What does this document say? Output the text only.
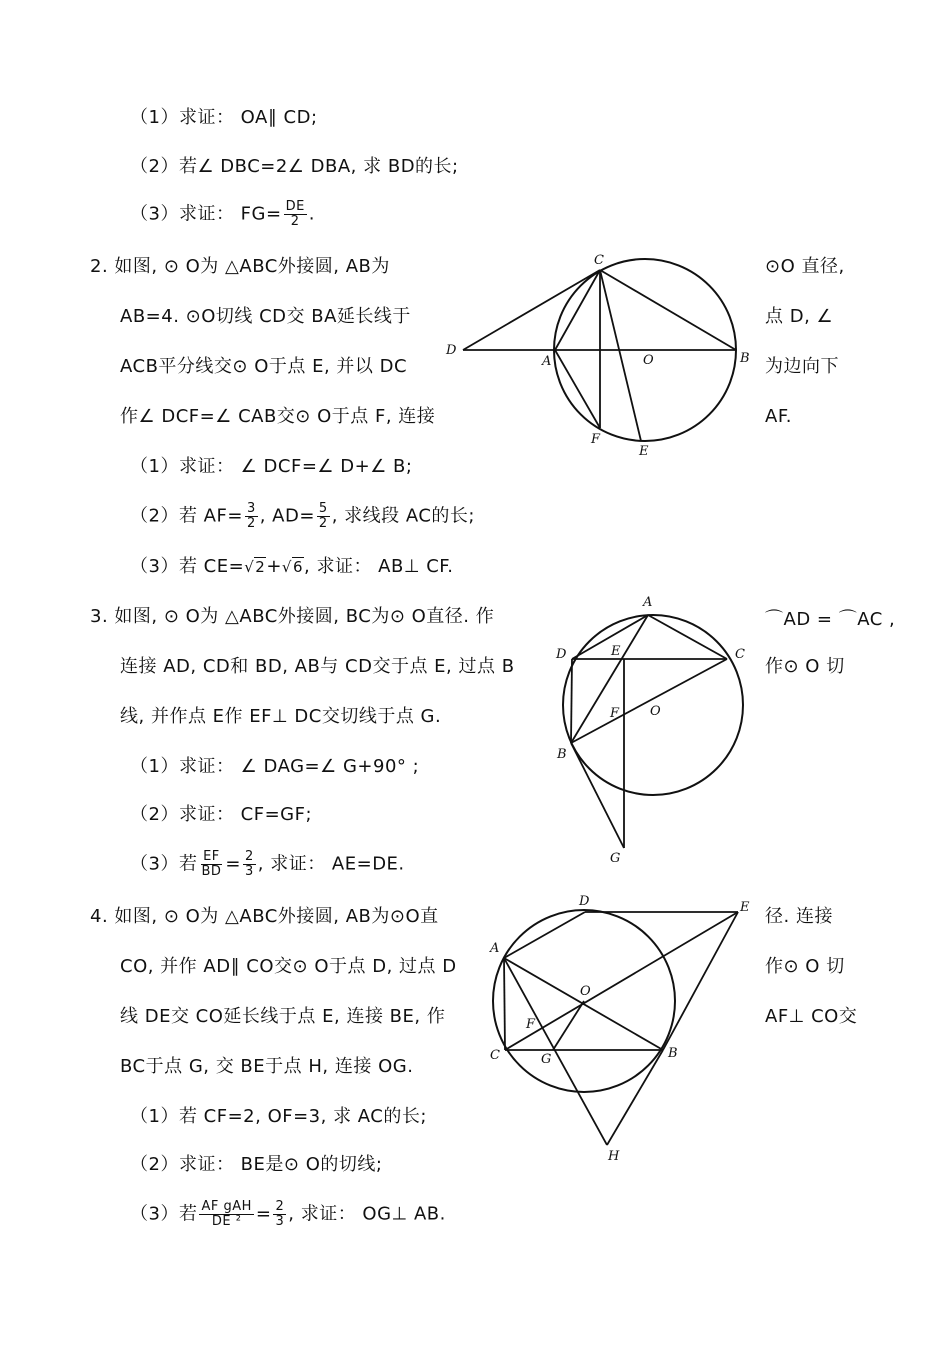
（1）求证： OA∥ CD;
（2）若∠ DBC=2∠ DBA, 求 BD的长;
（3）求证： $FG= \frac{DE}{2}$ .
2. 如图, ⊙ O为 △ABC外接圆, AB为	⊙O 直径,
AB=4. ⊙O切线 CD交 BA延长线于	点 D, ∠
ACB平分线交⊙ O于点 E, 并以 DC	为边向下
作∠ DCF=∠ CAB交⊙ O于点 F, 连接	AF.
（1）求证： ∠ DCF=∠ D+∠ B;
（2）若 $AF= \frac{3}{2}$ , $AD= \frac{5}{2}$ , 求线段 AC的长;
（3）若 CE=√2+√6, 求证： AB⊥ CF.
C
D
A	O	B
F
E
3. 如图, ⊙ O为 △ABC外接圆, BC为⊙ O直径. 作	⌒AD = ⌒AC ,
连接 AD, CD和 BD, AB与 CD交于点 E, 过点 B	作⊙ O 切
线, 并作点 E作 EF⊥ DC交切线于点 G.
（1）求证： ∠ DAG=∠ G+90° ;
（2）求证： CF=GF;
（3）若 $\frac{EF}{BD} = \frac{2}{3}$ , 求证： AE=DE.
A
D	E	C
F O
B
G
4. 如图, ⊙ O为 △ABC外接圆, AB为⊙O直	径. 连接
CO, 并作 AD∥ CO交⊙ O于点 D, 过点 D	作⊙ O 切
线 DE交 CO延长线于点 E, 连接 BE, 作	AF⊥ CO交
BC于点 G, 交 BE于点 H, 连接 OG.
（1）若 CF=2, OF=3, 求 AC的长;
（2）求证： BE是⊙ O的切线;
（3）若 $\frac{\text{AF gAH}}{\text{DE ²}} = \frac{2}{3}$ , 求证： OG⊥ AB.
D	E
A
O
F
C	G	B
H
